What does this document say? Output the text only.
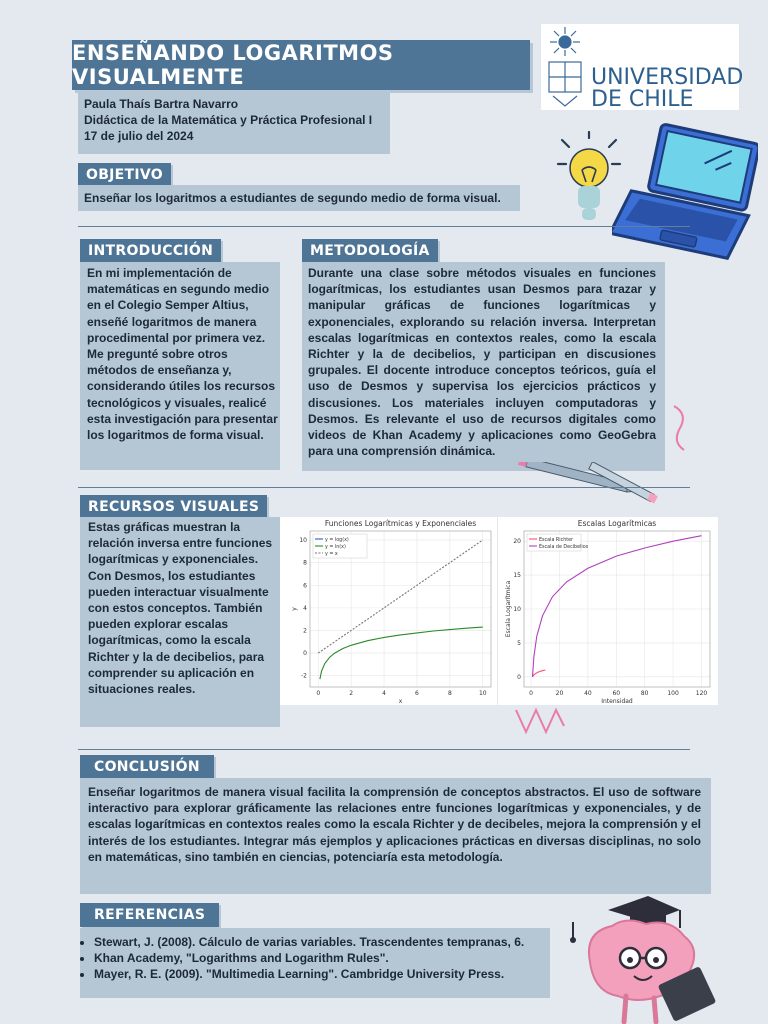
ENSEÑANDO LOGARITMOS VISUALMENTE
Paula Thaís Bartra Navarro
Didáctica de la Matemática y Práctica Profesional I
17 de julio del 2024
UNIVERSIDAD
DE CHILE
OBJETIVO
Enseñar los logaritmos a estudiantes de segundo medio de forma visual.
INTRODUCCIÓN
En mi implementación de matemáticas en segundo medio en el Colegio Semper Altius, enseñé logaritmos de manera procedimental por primera vez. Me pregunté sobre otros métodos de enseñanza y, considerando útiles los recursos tecnológicos y visuales, realicé esta investigación para presentar los logaritmos de forma visual.
METODOLOGÍA
Durante una clase sobre métodos visuales en funciones logarítmicas, los estudiantes usan Desmos para trazar y manipular gráficas de funciones logarítmicas y exponenciales, explorando su relación inversa. Interpretan escalas logarítmicas en contextos reales, como la escala Richter y la de decibelios, y participan en discusiones grupales. El docente introduce conceptos teóricos, guía el uso de Desmos y supervisa los ejercicios prácticos y discusiones. Los materiales incluyen computadoras y Desmos. Es relevante el uso de recursos digitales como videos de Khan Academy y aplicaciones como GeoGebra para una comprensión dinámica.
RECURSOS VISUALES
Estas gráficas muestran la relación inversa entre funciones logarítmicas y exponenciales. Con Desmos, los estudiantes pueden interactuar visualmente con estos conceptos. También pueden explorar escalas logarítmicas, como la escala Richter y la de decibelios, para comprender su aplicación en situaciones reales.
Funciones Logarítmicas y Exponenciales
0	2	4	6	8	10
-2
0
2
4
6
8
10
x
y
y = log(x)
y = ln(x)
y = x
Escalas Logarítmicas
0	20	40	60	80	100	120
0
5
10
15
20
Intensidad
Escala Logarítmica
Escala Richter
Escala de Decibelios
CONCLUSIÓN
Enseñar logaritmos de manera visual facilita la comprensión de conceptos abstractos. El uso de software interactivo para explorar gráficamente las relaciones entre funciones logarítmicas y exponenciales, y de escalas logarítmicas en contextos reales como la escala Richter y de decibeles, mejora la comprensión y el interés de los estudiantes. Integrar más ejemplos y aplicaciones prácticas en diversas disciplinas, no solo en matemáticas, sino también en ciencias, potenciaría esta metodología.
REFERENCIAS
• Stewart, J. (2008). Cálculo de varias variables. Trascendentes tempranas, 6.
• Khan Academy, "Logarithms and Logarithm Rules".
• Mayer, R. E. (2009). "Multimedia Learning". Cambridge University Press.
